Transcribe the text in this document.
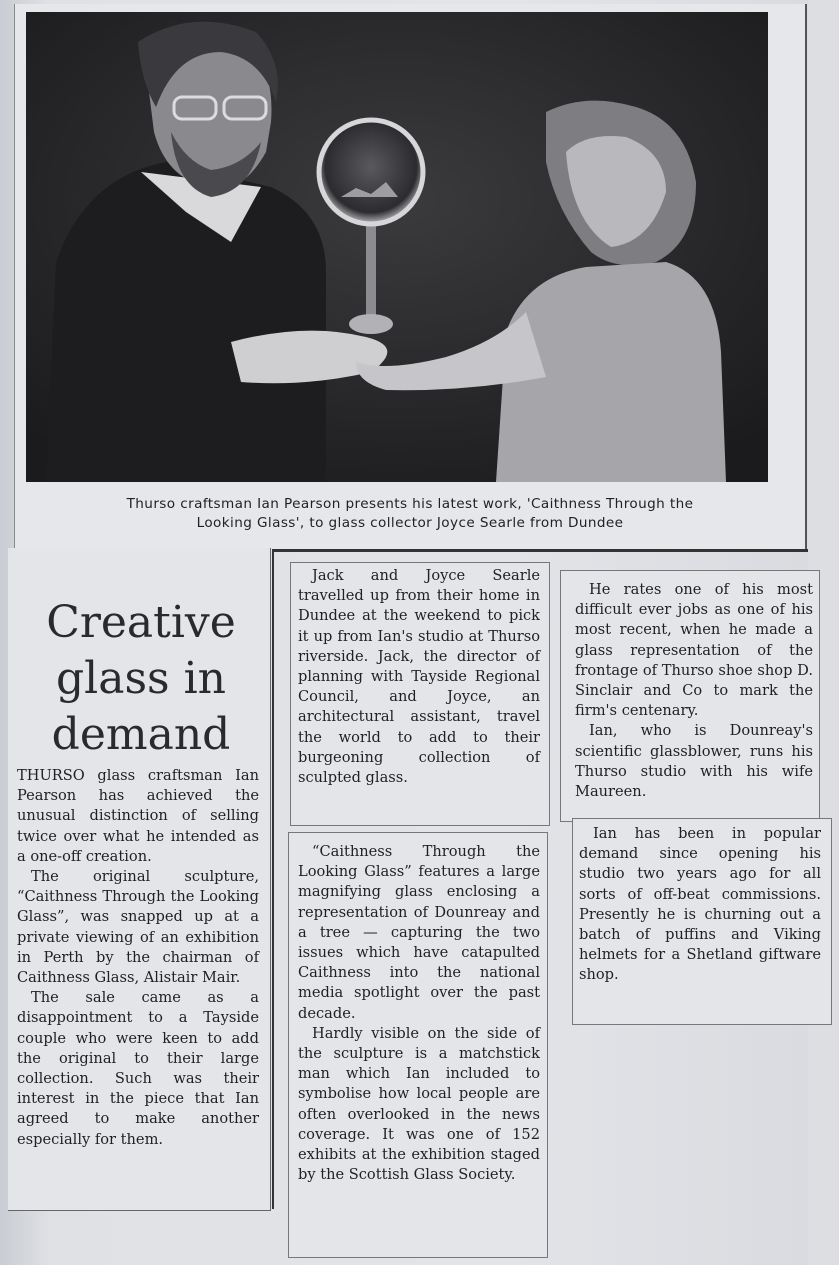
Thurso craftsman Ian Pearson presents his latest work, 'Caithness Through the
Looking Glass', to glass collector Joyce Searle from Dundee
Creative
glass in
demand

THURSO glass craftsman Ian Pearson has achieved the unusual distinction of selling twice over what he intended as a one-off creation.

The original sculpture, “Caithness Through the Looking Glass”, was snapped up at a private viewing of an exhibition in Perth by the chairman of Caithness Glass, Alistair Mair.

The sale came as a disappointment to a Tayside couple who were keen to add the original to their large collection. Such was their interest in the piece that Ian agreed to make another especially for them.

Jack and Joyce Searle travelled up from their home in Dundee at the weekend to pick it up from Ian's studio at Thurso riverside. Jack, the director of planning with Tayside Regional Council, and Joyce, an architectural assistant, travel the world to add to their burgeoning collection of sculpted glass.

“Caithness Through the Looking Glass” features a large magnifying glass enclosing a representation of Dounreay and a tree — capturing the two issues which have catapulted Caithness into the national media spotlight over the past decade.

Hardly visible on the side of the sculpture is a matchstick man which Ian included to symbolise how local people are often overlooked in the news coverage. It was one of 152 exhibits at the exhibition staged by the Scottish Glass Society.

He rates one of his most difficult ever jobs as one of his most recent, when he made a glass representation of the frontage of Thurso shoe shop D. Sinclair and Co to mark the firm's centenary.

Ian, who is Dounreay's scientific glassblower, runs his Thurso studio with his wife Maureen.

Ian has been in popular demand since opening his studio two years ago for all sorts of off-beat commissions. Presently he is churning out a batch of puffins and Viking helmets for a Shetland giftware shop.
